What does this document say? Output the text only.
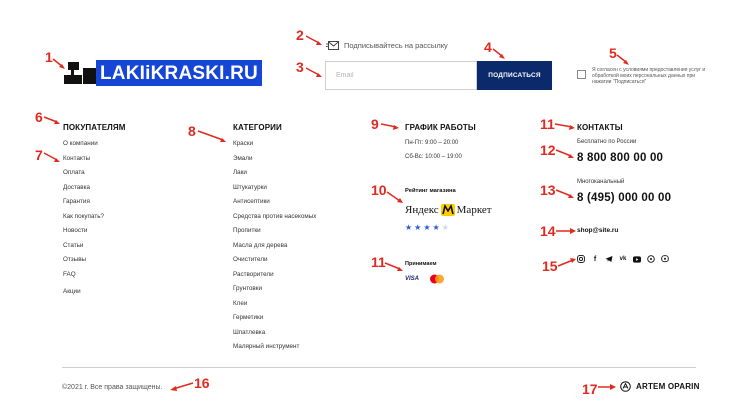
LAKIiKRASKI.RU
Подписывайтесь на рассылку
Email
ПОДПИСАТЬСЯ
Я согласен с условиями предоставления услуг и обработкой моих персональных данных при нажатии "Подписаться"
ПОКУПАТЕЛЯМ
О компании
Контакты
Оплата
Доставка
Гарантия
Как покупать?
Новости
Статьи
Отзывы
FAQ
Акции
КАТЕГОРИИ
Краски
Эмали
Лаки
Штукатурки
Антисептики
Средства против насекомых
Пропитки
Масла для дерева
Очистители
Растворители
Грунтовки
Клеи
Герметики
Шпатлевка
Малярный инструмент
ГРАФИК РАБОТЫ
Пн-Пт: 9:00 – 20:00
Сб-Вс: 10:00 – 19:00
Рейтинг магазина
Яндекс Маркет
★ ★ ★ ★ ★
Принимаем
VISA
КОНТАКТЫ
Бесплатно по России
8 800 800 00 00
Многоканальный
8 (495) 000 00 00
shop@site.ru
f	vk
©2021 г. Все права защищены.	ARTEM OPARIN
1
2
3
4	5
6
7
8	9
10
11
11
12
13
14
15
16	17
